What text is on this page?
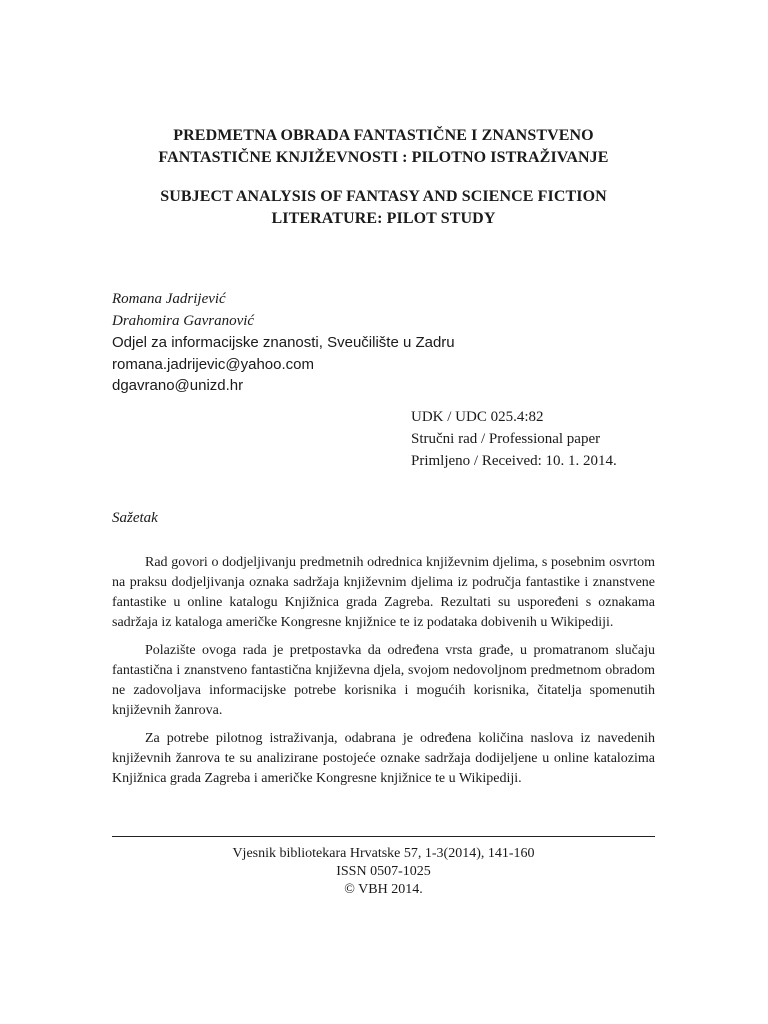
PREDMETNA OBRADA FANTASTIČNE I ZNANSTVENO
FANTASTIČNE KNJIŽEVNOSTI : PILOTNO ISTRAŽIVANJE
SUBJECT ANALYSIS OF FANTASY AND SCIENCE FICTION
LITERATURE: PILOT STUDY
Romana Jadrijević
Drahomira Gavranović
Odjel za informacijske znanosti, Sveučilište u Zadru
romana.jadrijevic@yahoo.com
dgavrano@unizd.hr
UDK / UDC 025.4:82
Stručni rad / Professional paper
Primljeno / Received: 10. 1. 2014.
Sažetak

Rad govori o dodjeljivanju predmetnih odrednica književnim djelima, s posebnim osvrtom na praksu dodjeljivanja oznaka sadržaja književnim djelima iz područja fantastike i znanstvene fantastike u online katalogu Knjižnica grada Zagreba. Rezultati su uspoređeni s oznakama sadržaja iz kataloga američke Kongresne knjižnice te iz podataka dobivenih u Wikipediji.

Polazište ovoga rada je pretpostavka da određena vrsta građe, u promatranom slučaju fantastična i znanstveno fantastična književna djela, svojom nedovoljnom predmetnom obradom ne zadovoljava informacijske potrebe korisnika i mogućih korisnika, čitatelja spomenutih književnih žanrova.

Za potrebe pilotnog istraživanja, odabrana je određena količina naslova iz navedenih književnih žanrova te su analizirane postojeće oznake sadržaja dodijeljene u online katalozima Knjižnica grada Zagreba i američke Kongresne knjižnice te u Wikipediji.

Vjesnik bibliotekara Hrvatske 57, 1-3(2014), 141-160
ISSN 0507-1025
© VBH 2014.
